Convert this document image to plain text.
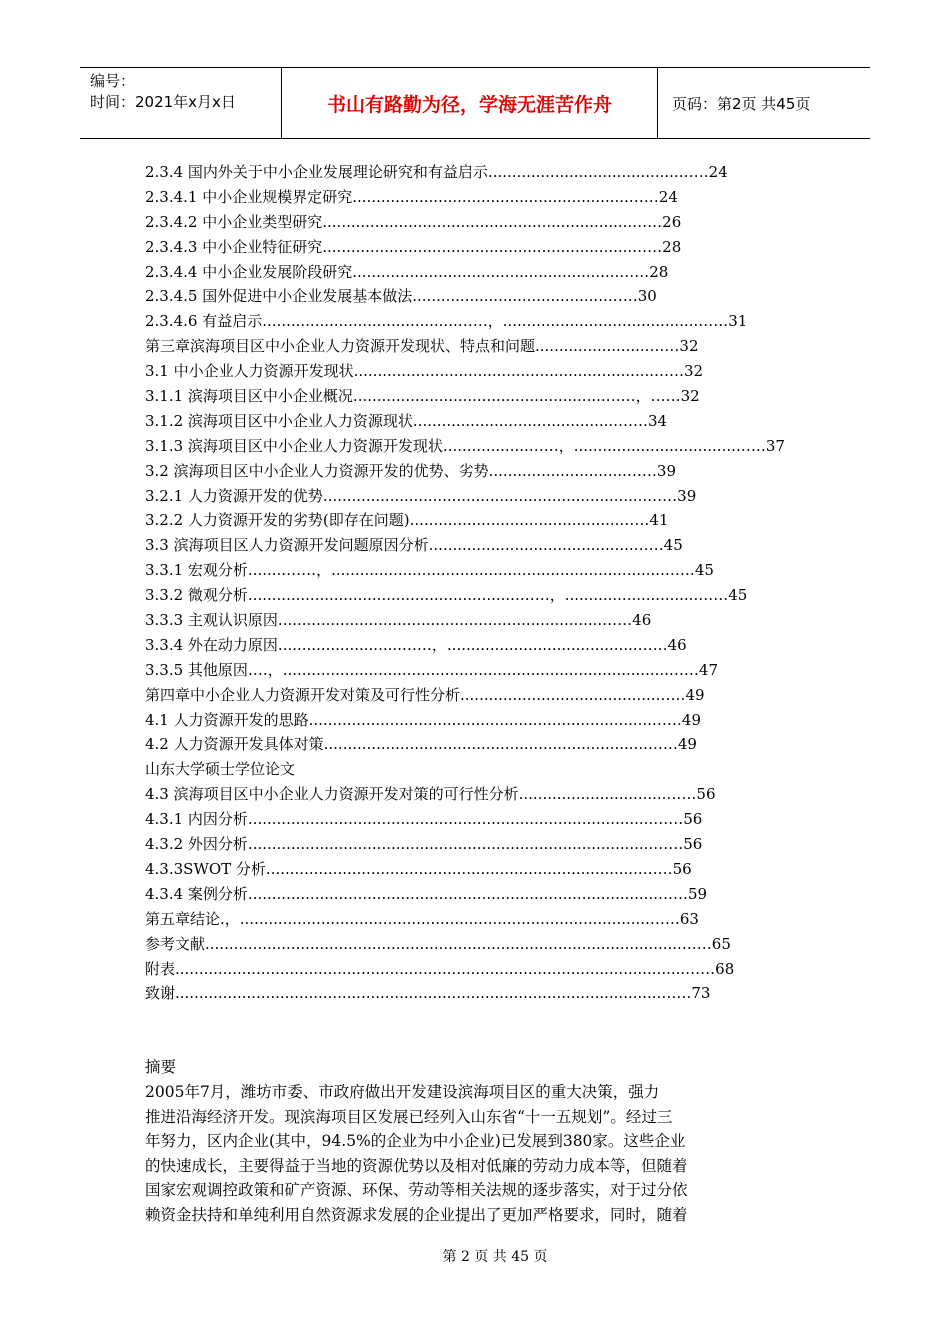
编号：
时间：2021年x月x日	书山有路勤为径，学海无涯苦作舟	页码：第2页 共45页
2.3.4 国内外关于中小企业发展理论研究和有益启示........................................……24
2.3.4.1 中小企业规模界定研究..........................................................……24
2.3.4.2 中小企业类型研究.................................................................……26
2.3.4.3 中小企业特征研究.................................................................……28
2.3.4.4 中小企业发展阶段研究........................................................……28
2.3.4.5 国外促进中小企业发展基本做法.........................................……30
2.3.4.6 有益启示.........................................……，.........................................……31
第三章滨海项目区中小企业人力资源开发现状、特点和问题........................……32
3.1 中小企业人力资源开发现状...............................................................……32
3.1.1 滨海项目区中小企业概况.....................................................……，……32
3.1.2 滨海项目区中小企业人力资源现状...........................................……34
3.1.3 滨海项目区中小企业人力资源开发现状..................……，..................................……37
3.2 滨海项目区中小企业人力资源开发的优势、劣势.............................……39
3.2.1 人力资源开发的优势....................................................................……39
3.2.2 人力资源开发的劣势(即存在问题)............................................……41
3.3 滨海项目区人力资源开发问题原因分析...........................................……45
3.3.1 宏观分析........……，......................................................................……45
3.3.2 微观分析.........................................................……，............................……45
3.3.3 主观认识原因....................................................................……46
3.3.4 外在动力原因..........................……，........................................……46
3.3.5 其他原因….，.................................................................................……47
第四章中小企业人力资源开发对策及可行性分析.........................................……49
4.1 人力资源开发的思路........................................................................……49
4.2 人力资源开发具体对策....................................................................……49
山东大学硕士学位论文
4.3 滨海项目区中小企业人力资源开发对策的可行性分析...............................……56
4.3.1 内因分析.....................................................................................……56
4.3.2 外因分析.....................................................................................……56
4.3.3SWOT 分析...............................................................................……56
4.3.4 案例分析......................................................................................……59
第五章结论.，......................................................................................……63
参考文献....................................................................................................……65
附表...........................................................................................................……68
致谢......................................................................................................……73
摘要
2005年7月，潍坊市委、市政府做出开发建设滨海项目区的重大决策，强力
推进沿海经济开发。现滨海项目区发展已经列入山东省“十一五规划”。经过三
年努力，区内企业(其中，94.5%的企业为中小企业)已发展到380家。这些企业
的快速成长，主要得益于当地的资源优势以及相对低廉的劳动力成本等，但随着
国家宏观调控政策和矿产资源、环保、劳动等相关法规的逐步落实，对于过分依
赖资金扶持和单纯利用自然资源求发展的企业提出了更加严格要求，同时，随着
第 2 页 共 45 页
